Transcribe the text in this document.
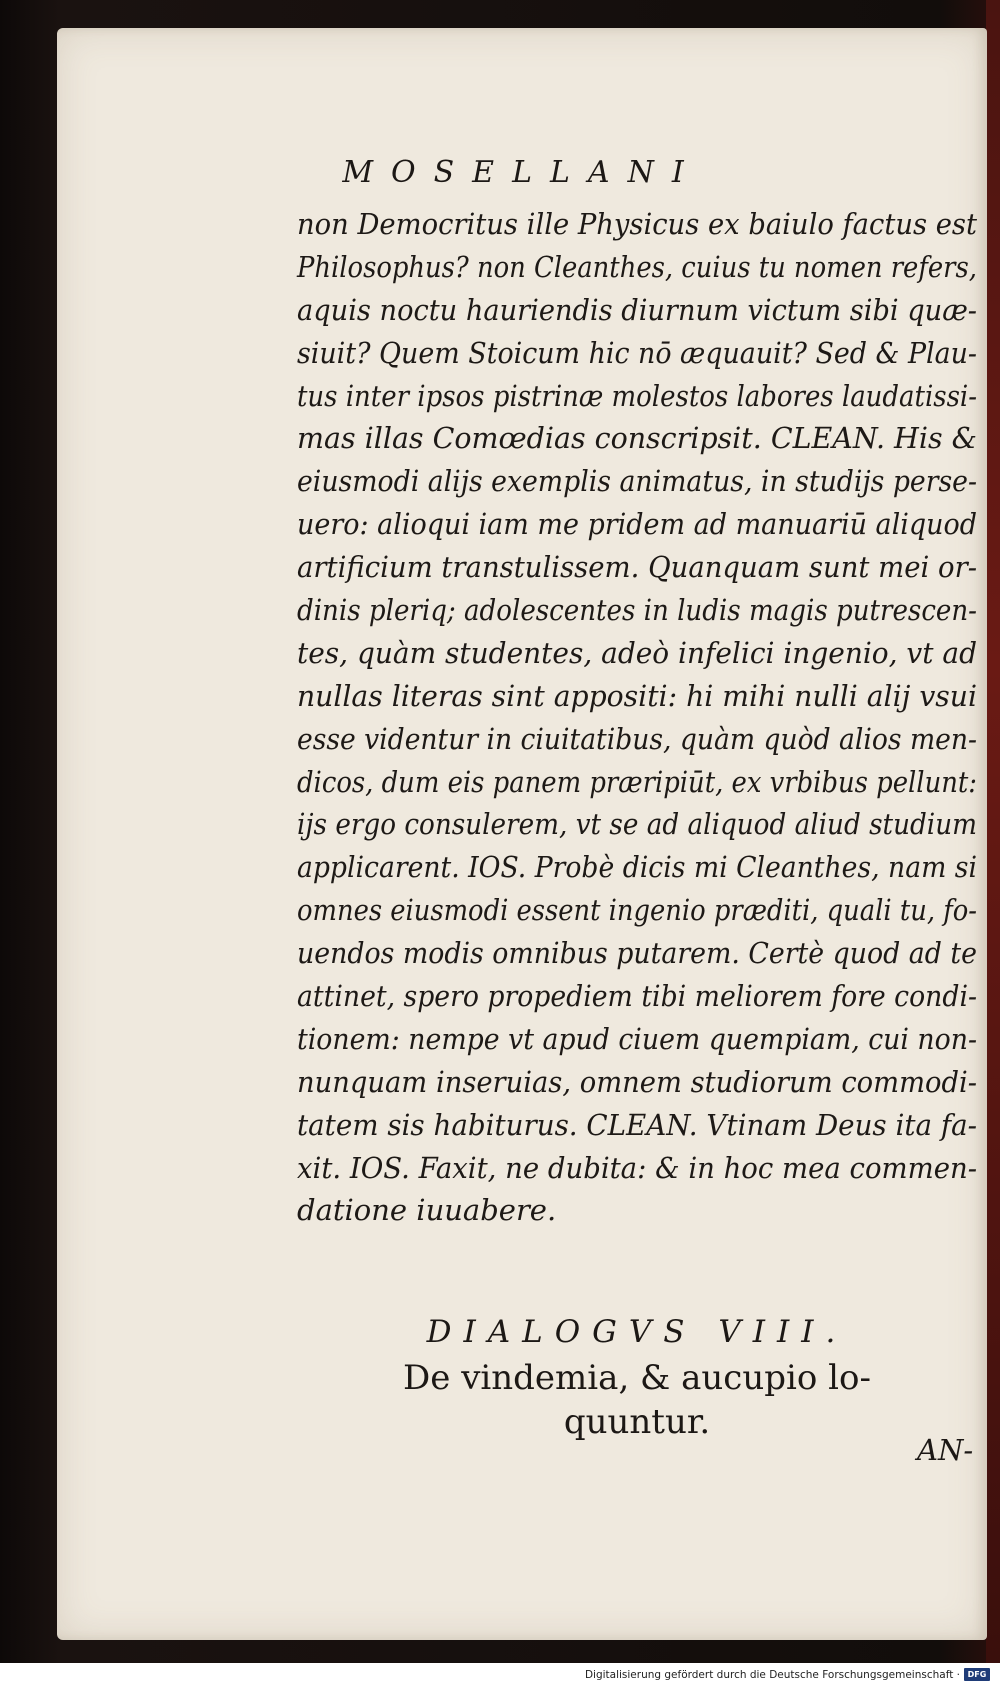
MOSELLANI
non Democritus ille Physicus ex baiulo factus est
Philosophus? non Cleanthes, cuius tu nomen refers,
aquis noctu hauriendis diurnum victum sibi quæ-
siuit? Quem Stoicum hic nō æquauit? Sed & Plau-
tus inter ipsos pistrinæ molestos labores laudatissi-
mas illas Comœdias conscripsit. CLEAN. His &
eiusmodi alijs exemplis animatus, in studijs perse-
uero: alioqui iam me pridem ad manuariū aliquod
artificium transtulissem. Quanquam sunt mei or-
dinis pleriq; adolescentes in ludis magis putrescen-
tes, quàm studentes, adeò infelici ingenio, vt ad
nullas literas sint appositi: hi mihi nulli alij vsui
esse videntur in ciuitatibus, quàm quòd alios men-
dicos, dum eis panem præripiūt, ex vrbibus pellunt:
ijs ergo consulerem, vt se ad aliquod aliud studium
applicarent. IOS. Probè dicis mi Cleanthes, nam si
omnes eiusmodi essent ingenio præditi, quali tu, fo-
uendos modis omnibus putarem. Certè quod ad te
attinet, spero propediem tibi meliorem fore condi-
tionem: nempe vt apud ciuem quempiam, cui non-
nunquam inseruias, omnem studiorum commodi-
tatem sis habiturus. CLEAN. Vtinam Deus ita fa-
xit. IOS. Faxit, ne dubita: & in hoc mea commen-
datione iuuabere.
DIALOGVS VIII.
De vindemia, & aucupio lo-
quuntur.
AN-
Digitalisierung gefördert durch die Deutsche Forschungsgemeinschaft · DFG
